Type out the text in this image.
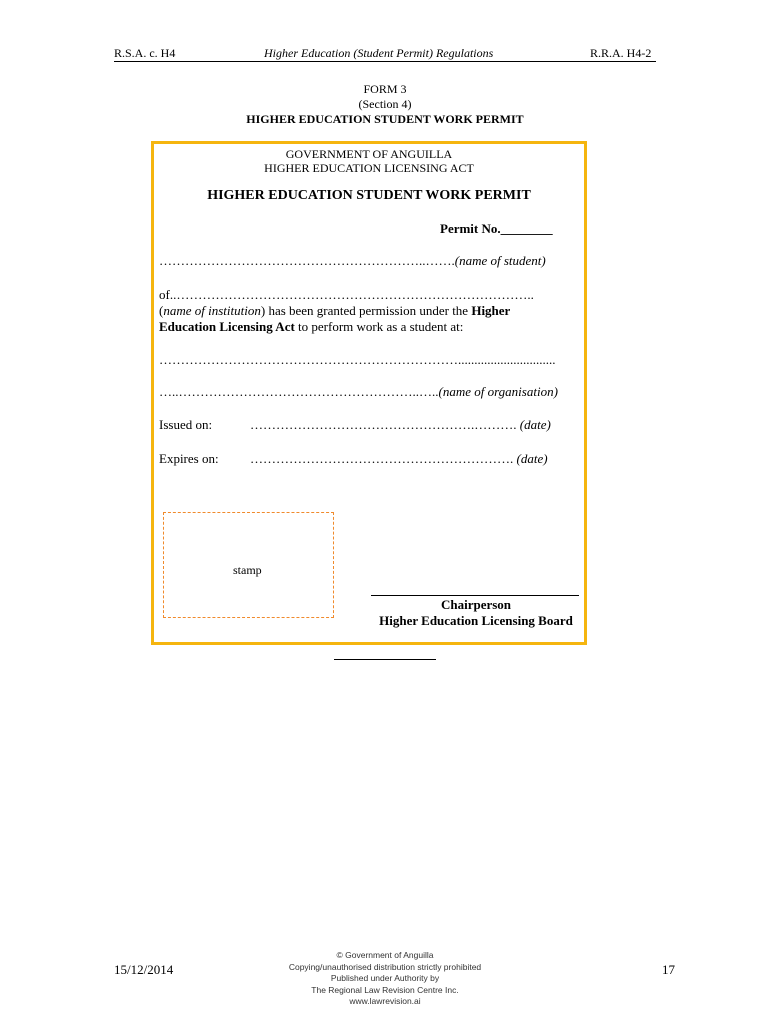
R.S.A. c. H4	Higher Education (Student Permit) Regulations	R.R.A. H4-2
FORM 3
(Section 4)
HIGHER EDUCATION STUDENT WORK PERMIT
GOVERNMENT OF ANGUILLA
HIGHER EDUCATION LICENSING ACT
HIGHER EDUCATION STUDENT WORK PERMIT
Permit No.________
……………………………………………………..…….(name of student)
of..………………………………………………………………………..
(name of institution) has been granted permission under the Higher
Education Licensing Act to perform work as a student at:
……………………………………………………………..............................
…..………………………………………………..…..(name of organisation)
Issued on:	…………………………………………….………. (date)
Expires on: ……………………………………………………. (date)
stamp
Chairperson
Higher Education Licensing Board
15/12/2014
© Government of Anguilla
Copying/unauthorised distribution strictly prohibited
Published under Authority by
The Regional Law Revision Centre Inc.
www.lawrevision.ai
17
